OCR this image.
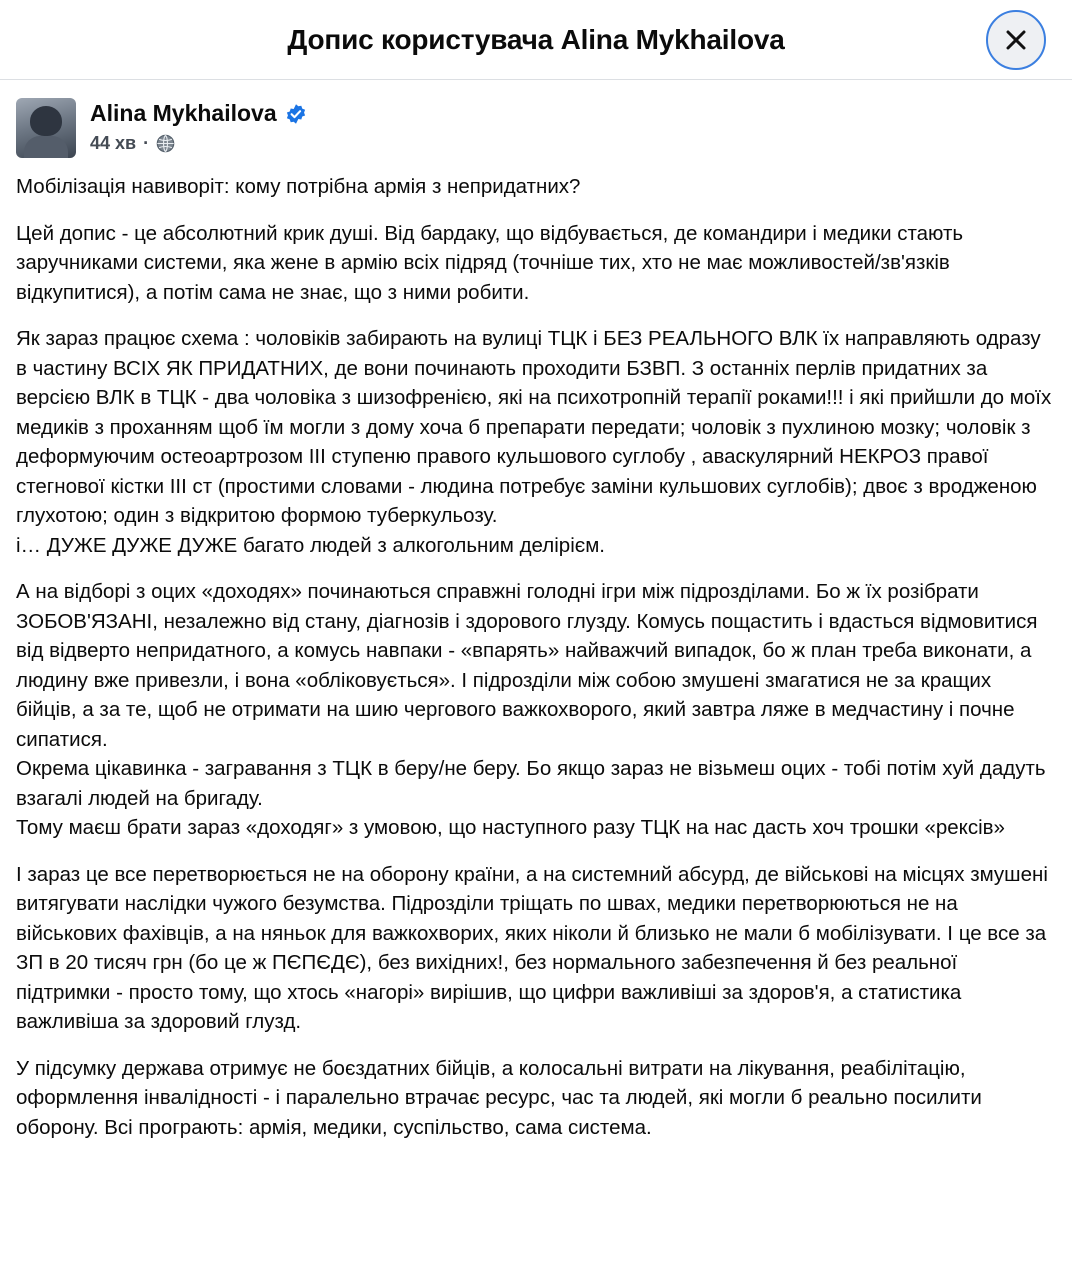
Допис користувача Alina Mykhailova
Alina Mykhailova
44 хв ·

Мобілізація навиворіт: кому потрібна армія з непридатних?

Цей допис - це абсолютний крик душі. Від бардаку, що відбувається, де командири і медики стають заручниками системи, яка жене в армію всіх підряд (точніше тих, хто не має можливостей/зв'язків відкупитися), а потім сама не знає, що з ними робити.

Як зараз працює схема : чоловіків забирають на вулиці ТЦК і БЕЗ РЕАЛЬНОГО ВЛК їх направляють одразу в частину ВСІХ ЯК ПРИДАТНИХ, де вони починають проходити БЗВП. З останніх перлів придатних за версією ВЛК в ТЦК - два чоловіка з шизофренією, які на психотропній терапії роками!!! і які прийшли до моїх медиків з проханням щоб їм могли з дому хоча б препарати передати; чоловік з пухлиною мозку; чоловік з деформуючим остеоартрозом ІІІ ступеню правого кульшового суглобу , аваскулярний НЕКРОЗ правої стегнової кістки ІІІ ст (простими словами - людина потребує заміни кульшових суглобів); двоє з вродженою глухотою; один з відкритою формою туберкульозу.

і… ДУЖЕ ДУЖЕ ДУЖЕ багато людей з алкогольним делірієм.

А на відборі з оцих «доходях» починаються справжні голодні ігри між підрозділами. Бо ж їх розібрати ЗОБОВ'ЯЗАНІ, незалежно від стану, діагнозів і здорового глузду. Комусь пощастить і вдасться відмовитися від відверто непридатного, а комусь навпаки - «впарять» найважчий випадок, бо ж план треба виконати, а людину вже привезли, і вона «обліковується». І підрозділи між собою змушені змагатися не за кращих бійців, а за те, щоб не отримати на шию чергового важкохворого, який завтра ляже в медчастину і почне сипатися.

Окрема цікавинка - загравання з ТЦК в беру/не беру. Бо якщо зараз не візьмеш оцих - тобі потім хуй дадуть взагалі людей на бригаду.

Тому маєш брати зараз «доходяг» з умовою, що наступного разу ТЦК на нас дасть хоч трошки «рексів»

І зараз це все перетворюється не на оборону країни, а на системний абсурд, де військові на місцях змушені витягувати наслідки чужого безумства. Підрозділи тріщать по швах, медики перетворюються не на військових фахівців, а на няньок для важкохворих, яких ніколи й близько не мали б мобілізувати. І це все за ЗП в 20 тисяч грн (бо це ж ПЄПЄДЄ), без вихідних!, без нормального забезпечення й без реальної підтримки - просто тому, що хтось «нагорі» вирішив, що цифри важливіші за здоров'я, а статистика важливіша за здоровий глузд.

У підсумку держава отримує не боєздатних бійців, а колосальні витрати на лікування, реабілітацію, оформлення інвалідності - і паралельно втрачає ресурс, час та людей, які могли б реально посилити оборону. Всі програють: армія, медики, суспільство, сама система.
